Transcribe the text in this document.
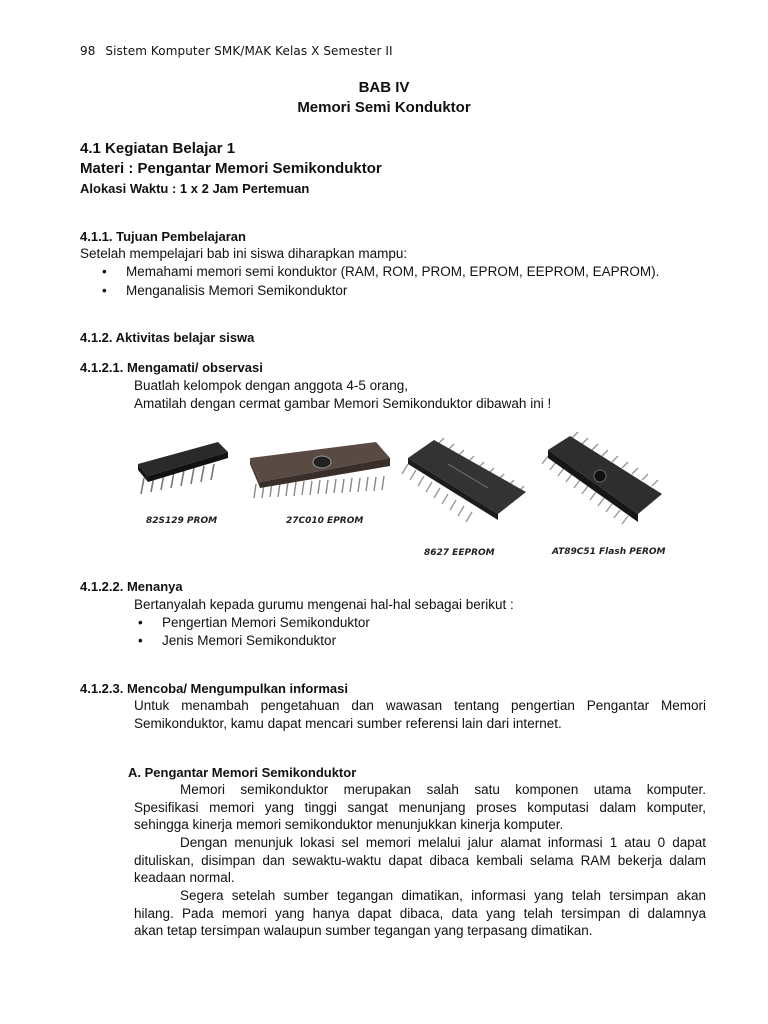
98 Sistem Komputer SMK/MAK Kelas X Semester II
BAB IV
Memori Semi Konduktor
4.1 Kegiatan Belajar 1
Materi : Pengantar Memori Semikonduktor
Alokasi Waktu : 1 x 2 Jam Pertemuan
4.1.1. Tujuan Pembelajaran
Setelah mempelajari bab ini siswa diharapkan mampu:
• Memahami memori semi konduktor (RAM, ROM, PROM, EPROM, EEPROM, EAPROM).
• Menganalisis Memori Semikonduktor
4.1.2. Aktivitas belajar siswa
4.1.2.1. Mengamati/ observasi
Buatlah kelompok dengan anggota 4-5 orang,
Amatilah dengan cermat gambar Memori Semikonduktor dibawah ini !
82S129 PROM	27C010 EPROM
8627 EEPROM	AT89C51 Flash PEROM
4.1.2.2. Menanya
Bertanyalah kepada gurumu mengenai hal-hal sebagai berikut :
• Pengertian Memori Semikonduktor
• Jenis Memori Semikonduktor
4.1.2.3. Mencoba/ Mengumpulkan informasi
Untuk menambah pengetahuan dan wawasan tentang pengertian Pengantar Memori
Semikonduktor, kamu dapat mencari sumber referensi lain dari internet.
A. Pengantar Memori Semikonduktor
Memori semikonduktor merupakan salah satu komponen utama komputer.
Spesifikasi memori yang tinggi sangat menunjang proses komputasi dalam komputer,
sehingga kinerja memori semikonduktor menunjukkan kinerja komputer.
Dengan menunjuk lokasi sel memori melalui jalur alamat informasi 1 atau 0 dapat
dituliskan, disimpan dan sewaktu-waktu dapat dibaca kembali selama RAM bekerja dalam
keadaan normal.
Segera setelah sumber tegangan dimatikan, informasi yang telah tersimpan akan
hilang. Pada memori yang hanya dapat dibaca, data yang telah tersimpan di dalamnya
akan tetap tersimpan walaupun sumber tegangan yang terpasang dimatikan.
